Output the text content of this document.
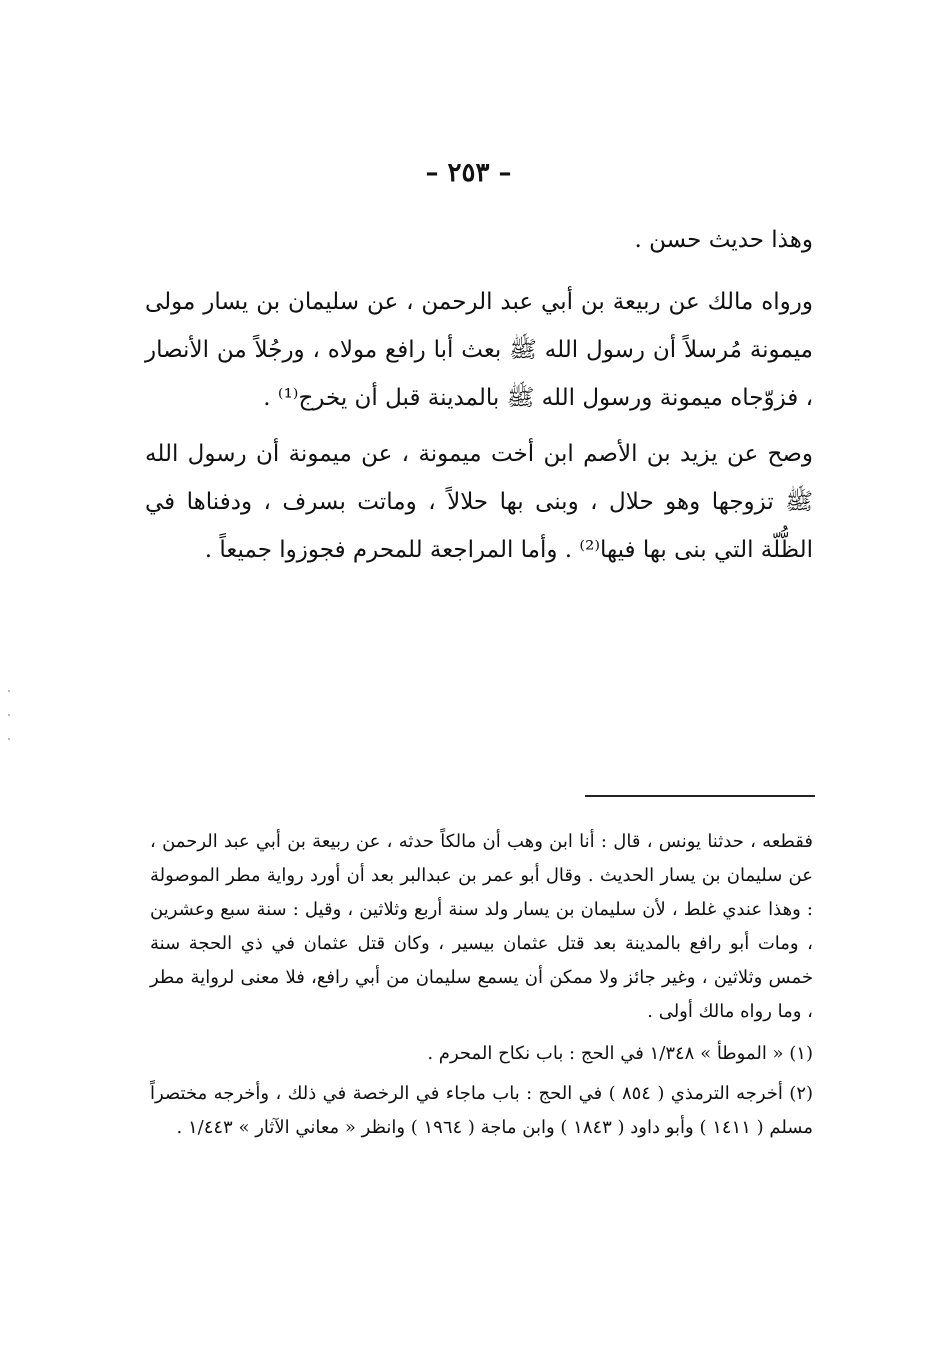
– ٢٥٣ –

وهذا حديث حسن .

ورواه مالك عن ربيعة بن أبي عبد الرحمن ، عن سليمان بن يسار مولى ميمونة مُرسلاً أن رسول الله ﷺ بعث أبا رافع مولاه ، ورجُلاً من الأنصار ، فزوّجاه ميمونة ورسول الله ﷺ بالمدينة قبل أن يخرج⁽¹⁾ .

وصح عن يزيد بن الأصم ابن أخت ميمونة ، عن ميمونة أن رسول الله ﷺ تزوجها وهو حلال ، وبنى بها حلالاً ، وماتت بسرف ، ودفناها في الظُّلّة التي بنى بها فيها⁽²⁾ . وأما المراجعة للمحرم فجوزوا جميعاً .

فقطعه ، حدثنا يونس ، قال : أنا ابن وهب أن مالكاً حدثه ، عن ربيعة بن أبي عبد الرحمن ، عن سليمان بن يسار الحديث . وقال أبو عمر بن عبدالبر بعد أن أورد رواية مطر الموصولة : وهذا عندي غلط ، لأن سليمان بن يسار ولد سنة أربع وثلاثين ، وقيل : سنة سبع وعشرين ، ومات أبو رافع بالمدينة بعد قتل عثمان بيسير ، وكان قتل عثمان في ذي الحجة سنة خمس وثلاثين ، وغير جائز ولا ممكن أن يسمع سليمان من أبي رافع، فلا معنى لرواية مطر ، وما رواه مالك أولى .

(١) « الموطأ » ١/٣٤٨ في الحج : باب نكاح المحرم .

(٢) أخرجه الترمذي ( ٨٥٤ ) في الحج : باب ماجاء في الرخصة في ذلك ، وأخرجه مختصراً مسلم ( ١٤١١ ) وأبو داود ( ١٨٤٣ ) وابن ماجة ( ١٩٦٤ ) وانظر « معاني الآثار » ١/٤٤٣ .
